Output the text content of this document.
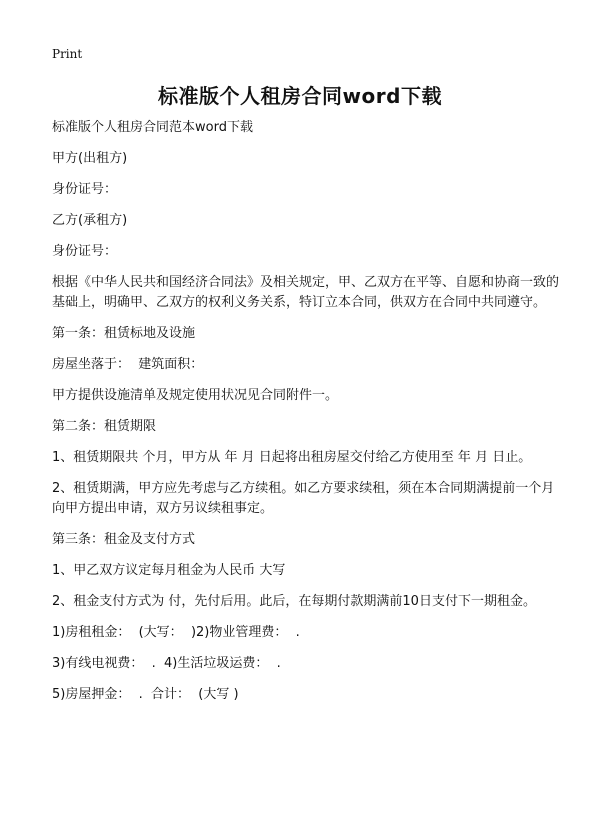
Print
标准版个人租房合同word下载

标准版个人租房合同范本word下载

甲方(出租方)

身份证号：

乙方(承租方)

身份证号：

根据《中华人民共和国经济合同法》及相关规定，甲、乙双方在平等、自愿和协商一致的基础上，明确甲、乙双方的权利义务关系，特订立本合同，供双方在合同中共同遵守。

第一条：租赁标地及设施

房屋坐落于：  建筑面积：

甲方提供设施清单及规定使用状况见合同附件一。

第二条：租赁期限

1、租赁期限共 个月，甲方从 年 月 日起将出租房屋交付给乙方使用至 年 月 日止。

2、租赁期满，甲方应先考虑与乙方续租。如乙方要求续租，须在本合同期满提前一个月向甲方提出申请，双方另议续租事定。

第三条：租金及支付方式

1、甲乙双方议定每月租金为人民币 大写

2、租金支付方式为 付，先付后用。此后，在每期付款期满前10日支付下一期租金。

1)房租租金：  (大写：  )2)物业管理费：  .

3)有线电视费：  .  4)生活垃圾运费：  .

5)房屋押金：  .  合计：  (大写 )
